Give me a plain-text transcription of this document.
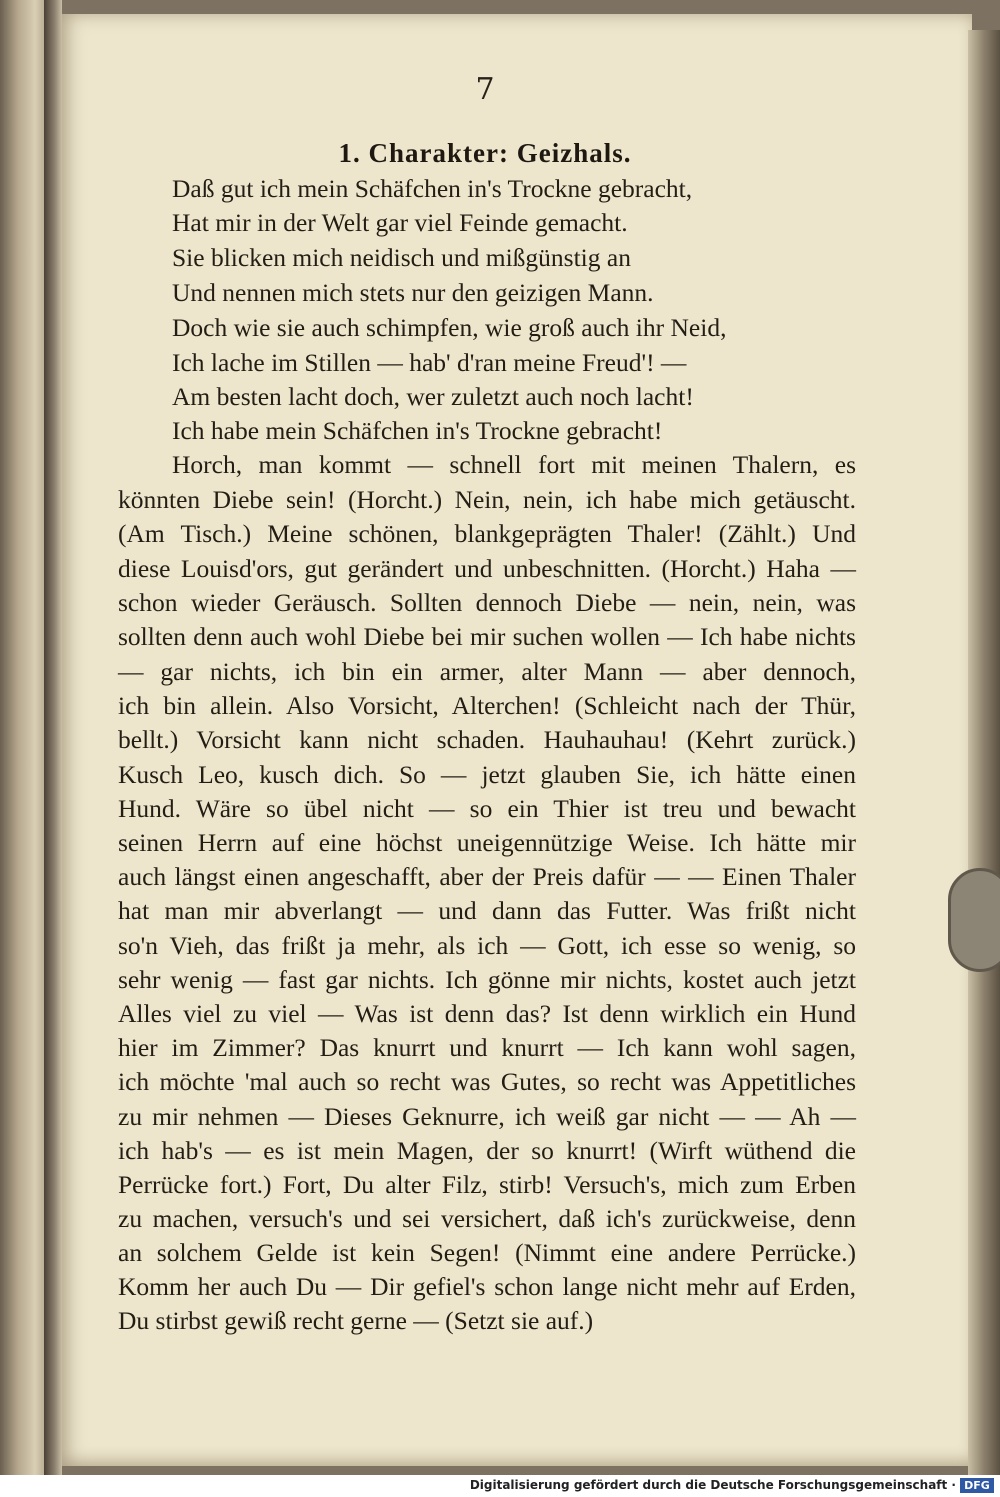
7
1. Charakter: Geizhals.
Daß gut ich mein Schäfchen in's Trockne gebracht,
Hat mir in der Welt gar viel Feinde gemacht.
Sie blicken mich neidisch und mißgünstig an
Und nennen mich stets nur den geizigen Mann.
Doch wie sie auch schimpfen, wie groß auch ihr Neid,
Ich lache im Stillen — hab' d'ran meine Freud'! —
Am besten lacht doch, wer zuletzt auch noch lacht!
Ich habe mein Schäfchen in's Trockne gebracht!
Horch, man kommt — schnell fort mit meinen Thalern, es
könnten Diebe sein! (Horcht.) Nein, nein, ich habe mich getäuscht.
(Am Tisch.) Meine schönen, blankgeprägten Thaler! (Zählt.) Und
diese Louisd'ors, gut gerändert und unbeschnitten. (Horcht.) Haha —
schon wieder Geräusch. Sollten dennoch Diebe — nein, nein, was
sollten denn auch wohl Diebe bei mir suchen wollen — Ich habe nichts
— gar nichts, ich bin ein armer, alter Mann — aber dennoch,
ich bin allein. Also Vorsicht, Alterchen! (Schleicht nach der Thür,
bellt.) Vorsicht kann nicht schaden. Hauhauhau! (Kehrt zurück.)
Kusch Leo, kusch dich. So — jetzt glauben Sie, ich hätte einen
Hund. Wäre so übel nicht — so ein Thier ist treu und bewacht
seinen Herrn auf eine höchst uneigennützige Weise. Ich hätte mir
auch längst einen angeschafft, aber der Preis dafür — — Einen Thaler
hat man mir abverlangt — und dann das Futter. Was frißt nicht
so'n Vieh, das frißt ja mehr, als ich — Gott, ich esse so wenig, so
sehr wenig — fast gar nichts. Ich gönne mir nichts, kostet auch jetzt
Alles viel zu viel — Was ist denn das? Ist denn wirklich ein Hund
hier im Zimmer? Das knurrt und knurrt — Ich kann wohl sagen,
ich möchte 'mal auch so recht was Gutes, so recht was Appetitliches
zu mir nehmen — Dieses Geknurre, ich weiß gar nicht — — Ah —
ich hab's — es ist mein Magen, der so knurrt! (Wirft wüthend die
Perrücke fort.) Fort, Du alter Filz, stirb! Versuch's, mich zum Erben
zu machen, versuch's und sei versichert, daß ich's zurückweise, denn
an solchem Gelde ist kein Segen! (Nimmt eine andere Perrücke.)
Komm her auch Du — Dir gefiel's schon lange nicht mehr auf Erden,
Du stirbst gewiß recht gerne — (Setzt sie auf.)
Digitalisierung gefördert durch die Deutsche Forschungsgemeinschaft · DFG
